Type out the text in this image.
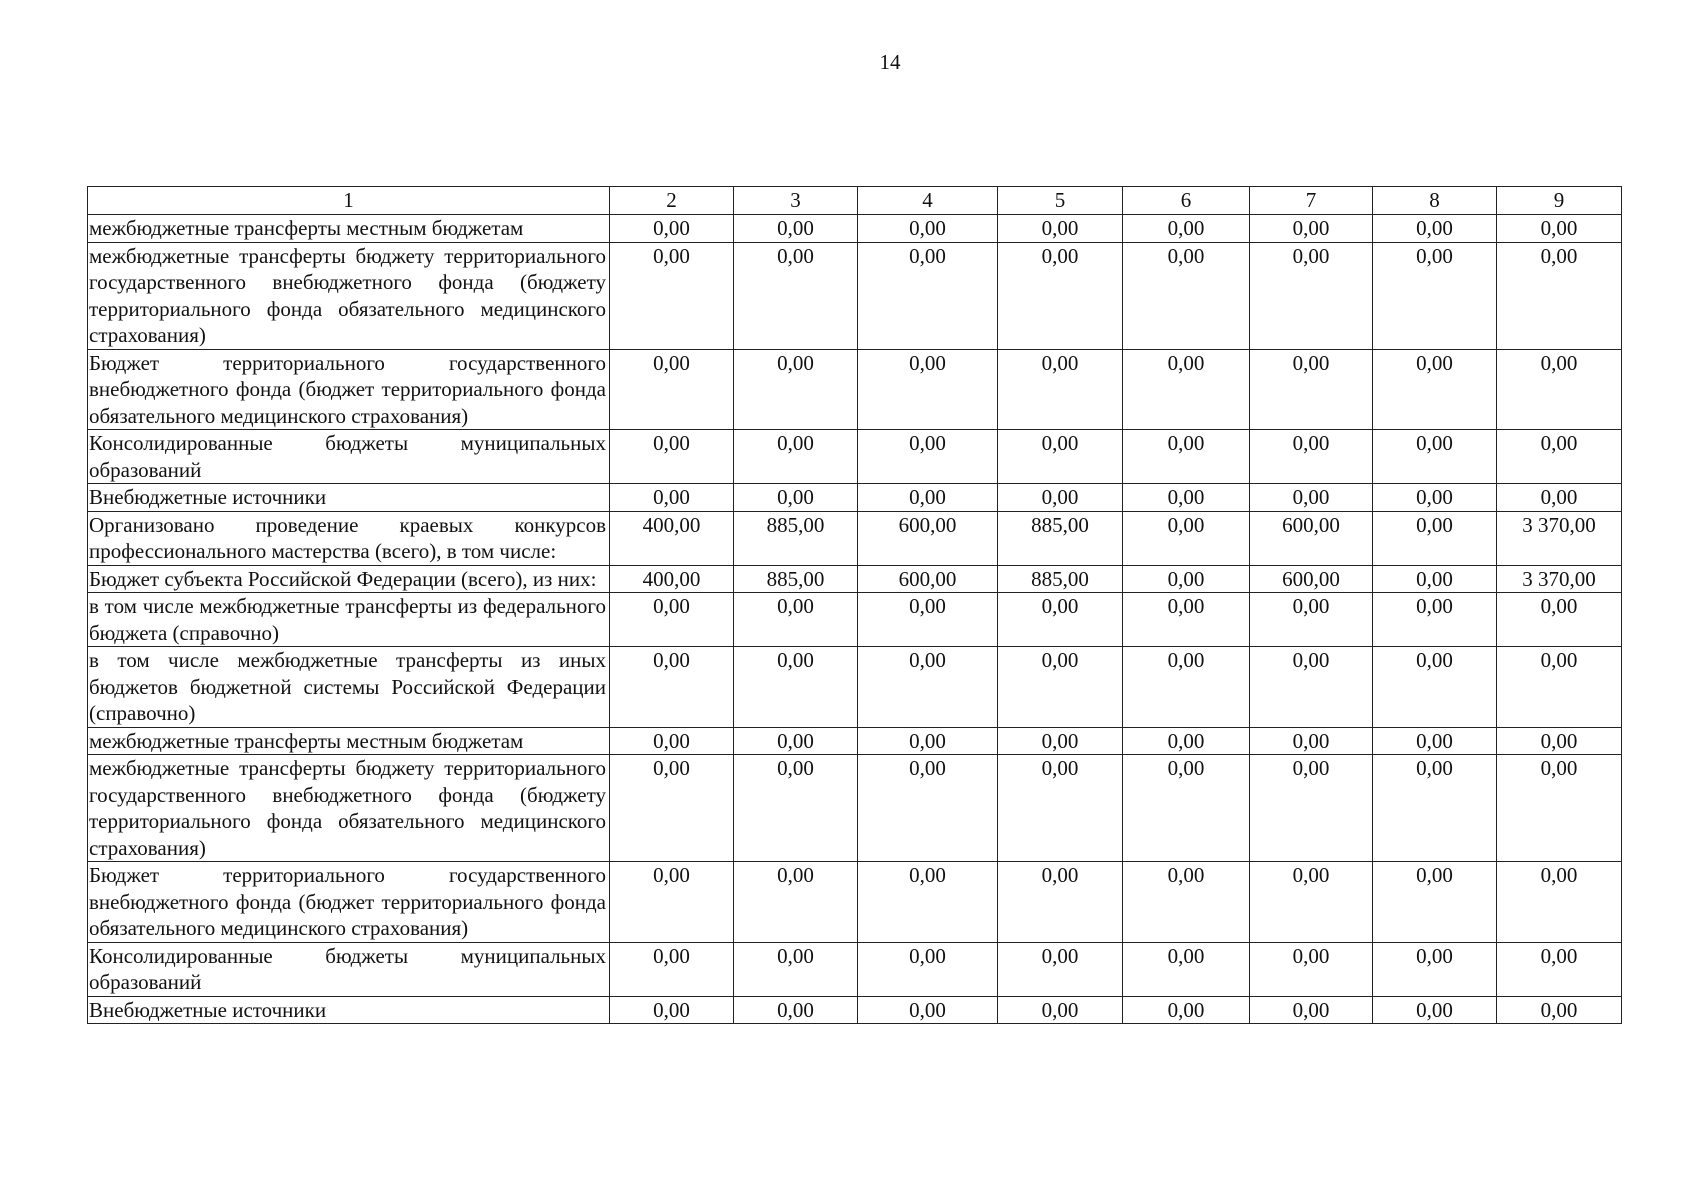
14
1	2	3	4	5	6	7	8	9
межбюджетные трансферты местным бюджетам	0,00	0,00	0,00	0,00	0,00	0,00	0,00	0,00
межбюджетные трансферты бюджету территориального государственного внебюджетного фонда (бюджету территориального фонда обязательного медицинского страхования)	0,00	0,00	0,00	0,00	0,00	0,00	0,00	0,00
Бюджет территориального государственного внебюджетного фонда (бюджет территориального фонда обязательного медицинского страхования)	0,00	0,00	0,00	0,00	0,00	0,00	0,00	0,00
Консолидированные бюджеты муниципальных образований	0,00	0,00	0,00	0,00	0,00	0,00	0,00	0,00
Внебюджетные источники	0,00	0,00	0,00	0,00	0,00	0,00	0,00	0,00
Организовано проведение краевых конкурсов профессионального мастерства (всего), в том числе:	400,00	885,00	600,00	885,00	0,00	600,00	0,00	3 370,00
Бюджет субъекта Российской Федерации (всего), из них:	400,00	885,00	600,00	885,00	0,00	600,00	0,00	3 370,00
в том числе межбюджетные трансферты из федерального бюджета (справочно)	0,00	0,00	0,00	0,00	0,00	0,00	0,00	0,00
в том числе межбюджетные трансферты из иных бюджетов бюджетной системы Российской Федерации (справочно)	0,00	0,00	0,00	0,00	0,00	0,00	0,00	0,00
межбюджетные трансферты местным бюджетам	0,00	0,00	0,00	0,00	0,00	0,00	0,00	0,00
межбюджетные трансферты бюджету территориального государственного внебюджетного фонда (бюджету территориального фонда обязательного медицинского страхования)	0,00	0,00	0,00	0,00	0,00	0,00	0,00	0,00
Бюджет территориального государственного внебюджетного фонда (бюджет территориального фонда обязательного медицинского страхования)	0,00	0,00	0,00	0,00	0,00	0,00	0,00	0,00
Консолидированные бюджеты муниципальных образований	0,00	0,00	0,00	0,00	0,00	0,00	0,00	0,00
Внебюджетные источники	0,00	0,00	0,00	0,00	0,00	0,00	0,00	0,00
